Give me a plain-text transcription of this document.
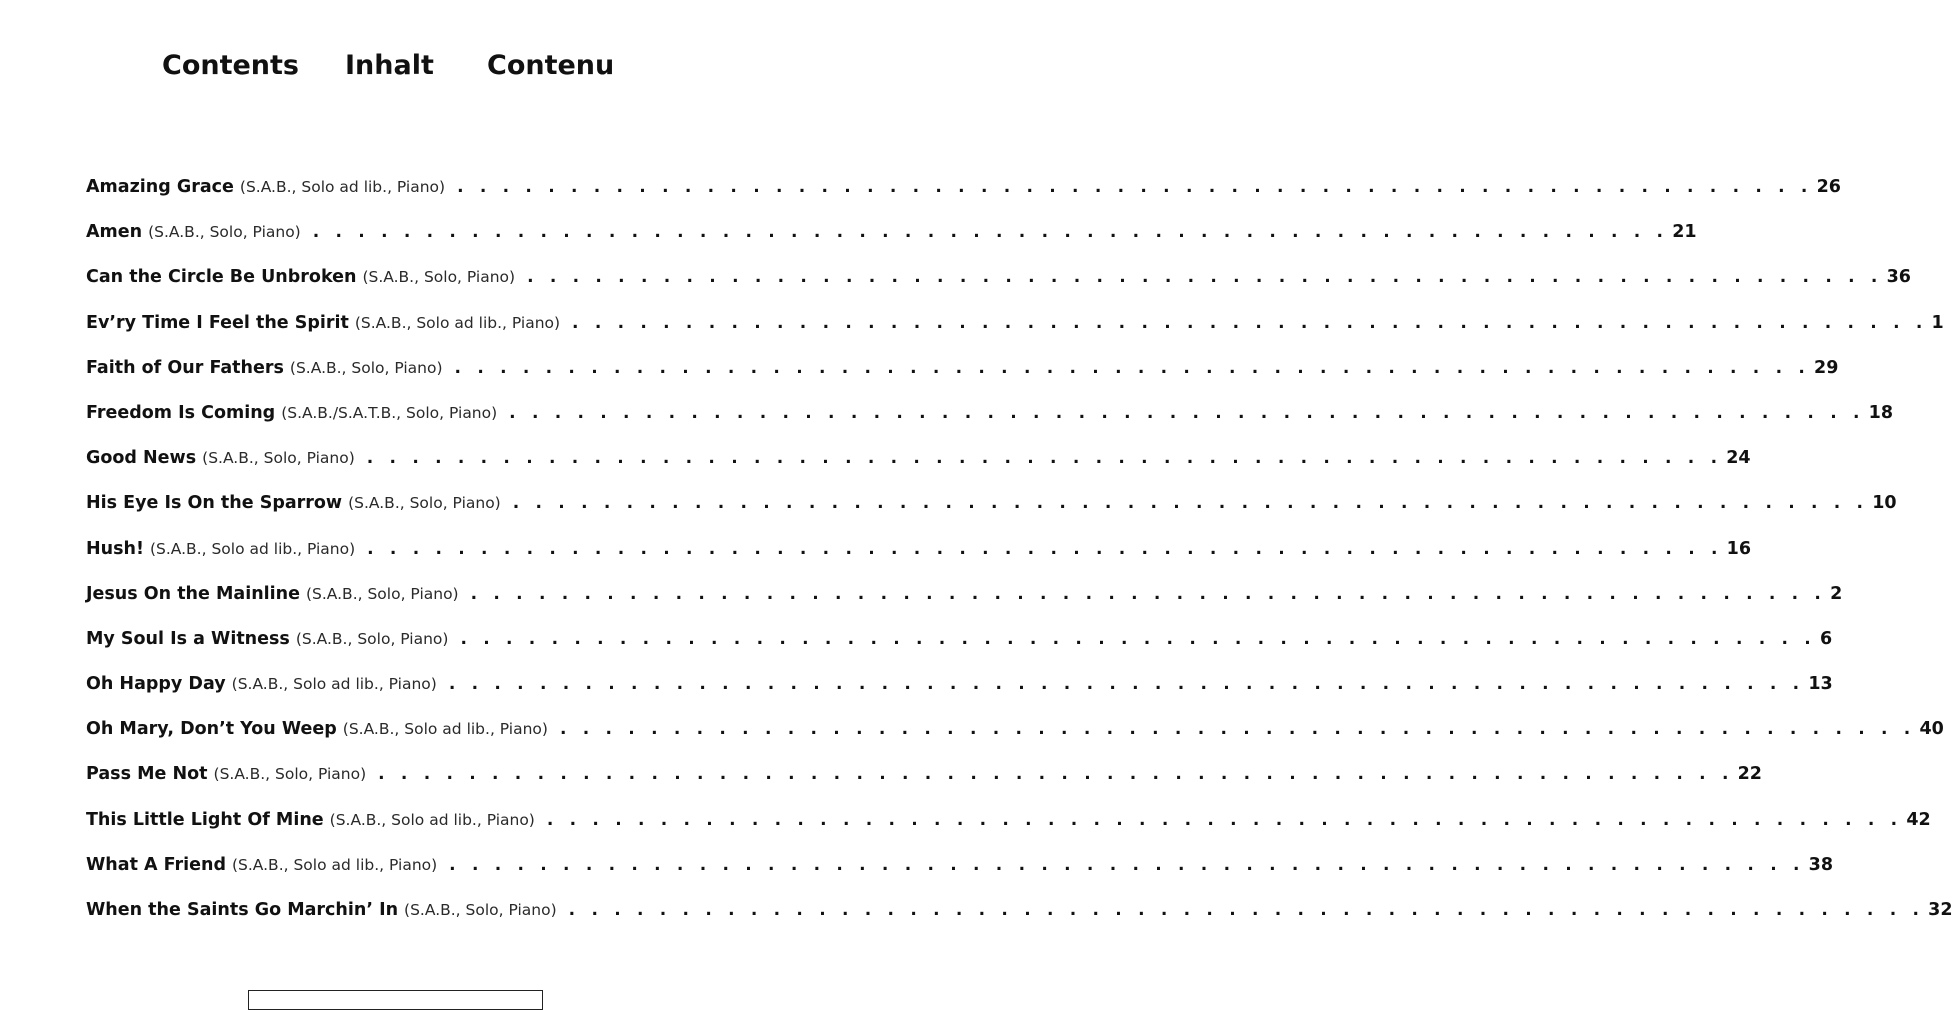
Contents Inhalt Contenu
Amazing Grace (S.A.B., Solo ad lib., Piano) . . . . . . . . . . . . . . . . . . . . . . . . . . . . . . . . . . . . . . . . . . . . . . . . . . . . . . . . . . . . 26
Amen (S.A.B., Solo, Piano) . . . . . . . . . . . . . . . . . . . . . . . . . . . . . . . . . . . . . . . . . . . . . . . . . . . . . . . . . . . . 21
Can the Circle Be Unbroken (S.A.B., Solo, Piano) . . . . . . . . . . . . . . . . . . . . . . . . . . . . . . . . . . . . . . . . . . . . . . . . . . . . . . . . . . . . 36
Ev’ry Time I Feel the Spirit (S.A.B., Solo ad lib., Piano) . . . . . . . . . . . . . . . . . . . . . . . . . . . . . . . . . . . . . . . . . . . . . . . . . . . . . . . . . . . . 1
Faith of Our Fathers (S.A.B., Solo, Piano) . . . . . . . . . . . . . . . . . . . . . . . . . . . . . . . . . . . . . . . . . . . . . . . . . . . . . . . . . . . . 29
Freedom Is Coming (S.A.B./S.A.T.B., Solo, Piano) . . . . . . . . . . . . . . . . . . . . . . . . . . . . . . . . . . . . . . . . . . . . . . . . . . . . . . . . . . . . 18
Good News (S.A.B., Solo, Piano) . . . . . . . . . . . . . . . . . . . . . . . . . . . . . . . . . . . . . . . . . . . . . . . . . . . . . . . . . . . . 24
His Eye Is On the Sparrow (S.A.B., Solo, Piano) . . . . . . . . . . . . . . . . . . . . . . . . . . . . . . . . . . . . . . . . . . . . . . . . . . . . . . . . . . . . 10
Hush! (S.A.B., Solo ad lib., Piano) . . . . . . . . . . . . . . . . . . . . . . . . . . . . . . . . . . . . . . . . . . . . . . . . . . . . . . . . . . . . 16
Jesus On the Mainline (S.A.B., Solo, Piano) . . . . . . . . . . . . . . . . . . . . . . . . . . . . . . . . . . . . . . . . . . . . . . . . . . . . . . . . . . . . 2
My Soul Is a Witness (S.A.B., Solo, Piano) . . . . . . . . . . . . . . . . . . . . . . . . . . . . . . . . . . . . . . . . . . . . . . . . . . . . . . . . . . . . 6
Oh Happy Day (S.A.B., Solo ad lib., Piano) . . . . . . . . . . . . . . . . . . . . . . . . . . . . . . . . . . . . . . . . . . . . . . . . . . . . . . . . . . . . 13
Oh Mary, Don’t You Weep (S.A.B., Solo ad lib., Piano) . . . . . . . . . . . . . . . . . . . . . . . . . . . . . . . . . . . . . . . . . . . . . . . . . . . . . . . . . . . . 40
Pass Me Not (S.A.B., Solo, Piano) . . . . . . . . . . . . . . . . . . . . . . . . . . . . . . . . . . . . . . . . . . . . . . . . . . . . . . . . . . . . 22
This Little Light Of Mine (S.A.B., Solo ad lib., Piano) . . . . . . . . . . . . . . . . . . . . . . . . . . . . . . . . . . . . . . . . . . . . . . . . . . . . . . . . . . . . 42
What A Friend (S.A.B., Solo ad lib., Piano) . . . . . . . . . . . . . . . . . . . . . . . . . . . . . . . . . . . . . . . . . . . . . . . . . . . . . . . . . . . . 38
When the Saints Go Marchin’ In (S.A.B., Solo, Piano) . . . . . . . . . . . . . . . . . . . . . . . . . . . . . . . . . . . . . . . . . . . . . . . . . . . . . . . . . . . . 32
